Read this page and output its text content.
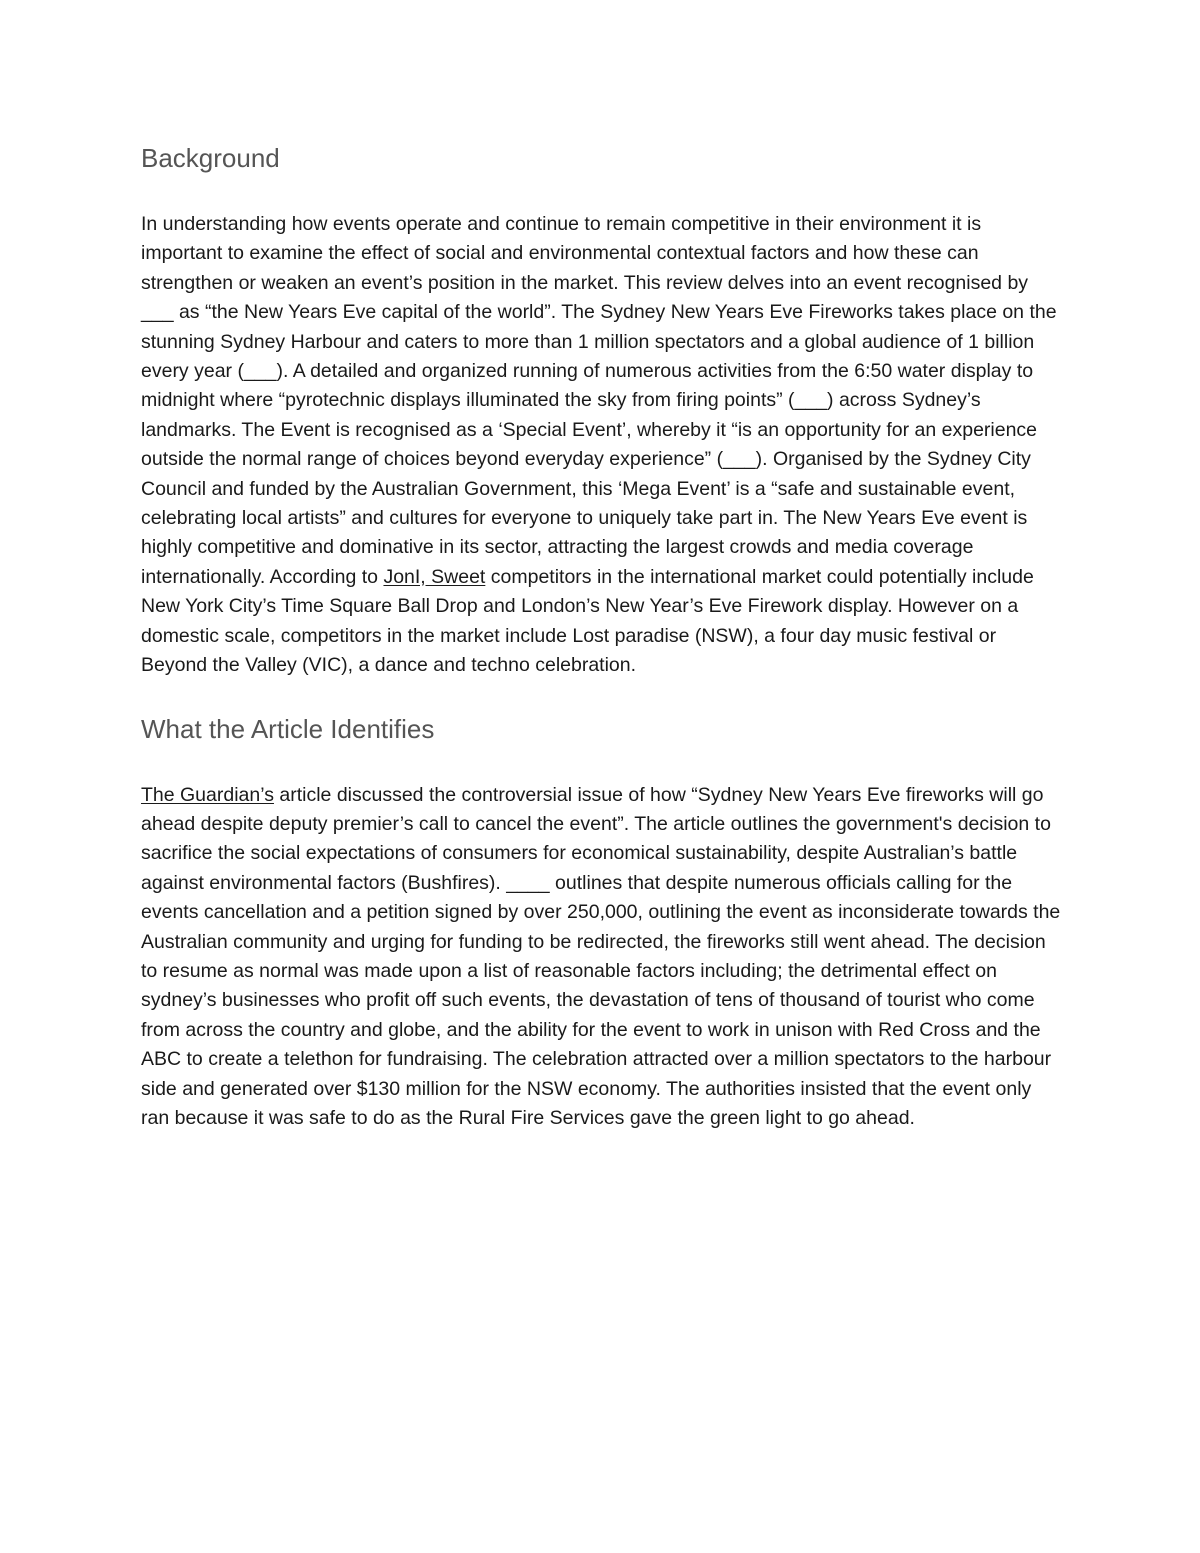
Background

In understanding how events operate and continue to remain competitive in their environment it is important to examine the effect of social and environmental contextual factors and how these can strengthen or weaken an event’s position in the market. This review delves into an event recognised by ___ as “the New Years Eve capital of the world”. The Sydney New Years Eve Fireworks takes place on the stunning Sydney Harbour and caters to more than 1 million spectators and a global audience of 1 billion every year (___). A detailed and organized running of numerous activities from the 6:50 water display to midnight where “pyrotechnic displays illuminated the sky from firing points” (___) across Sydney’s landmarks. The Event is recognised as a ‘Special Event’, whereby it “is an opportunity for an experience outside the normal range of choices beyond everyday experience” (___). Organised by the Sydney City Council and funded by the Australian Government, this ‘Mega Event’ is a “safe and sustainable event, celebrating local artists” and cultures for everyone to uniquely take part in. The New Years Eve event is highly competitive and dominative in its sector, attracting the largest crowds and media coverage internationally. According to JonI, Sweet competitors in the international market could potentially include New York City’s Time Square Ball Drop and London’s New Year’s Eve Firework display. However on a domestic scale, competitors in the market include Lost paradise (NSW), a four day music festival or Beyond the Valley (VIC), a dance and techno celebration.

What the Article Identifies

The Guardian’s article discussed the controversial issue of how “Sydney New Years Eve fireworks will go ahead despite deputy premier’s call to cancel the event”. The article outlines the government's decision to sacrifice the social expectations of consumers for economical sustainability, despite Australian’s battle against environmental factors (Bushfires). ____ outlines that despite numerous officials calling for the events cancellation and a petition signed by over 250,000, outlining the event as inconsiderate towards the Australian community and urging for funding to be redirected, the fireworks still went ahead. The decision to resume as normal was made upon a list of reasonable factors including; the detrimental effect on sydney’s businesses who profit off such events, the devastation of tens of thousand of tourist who come from across the country and globe, and the ability for the event to work in unison with Red Cross and the ABC to create a telethon for fundraising. The celebration attracted over a million spectators to the harbour side and generated over $130 million for the NSW economy. The authorities insisted that the event only ran because it was safe to do as the Rural Fire Services gave the green light to go ahead.
